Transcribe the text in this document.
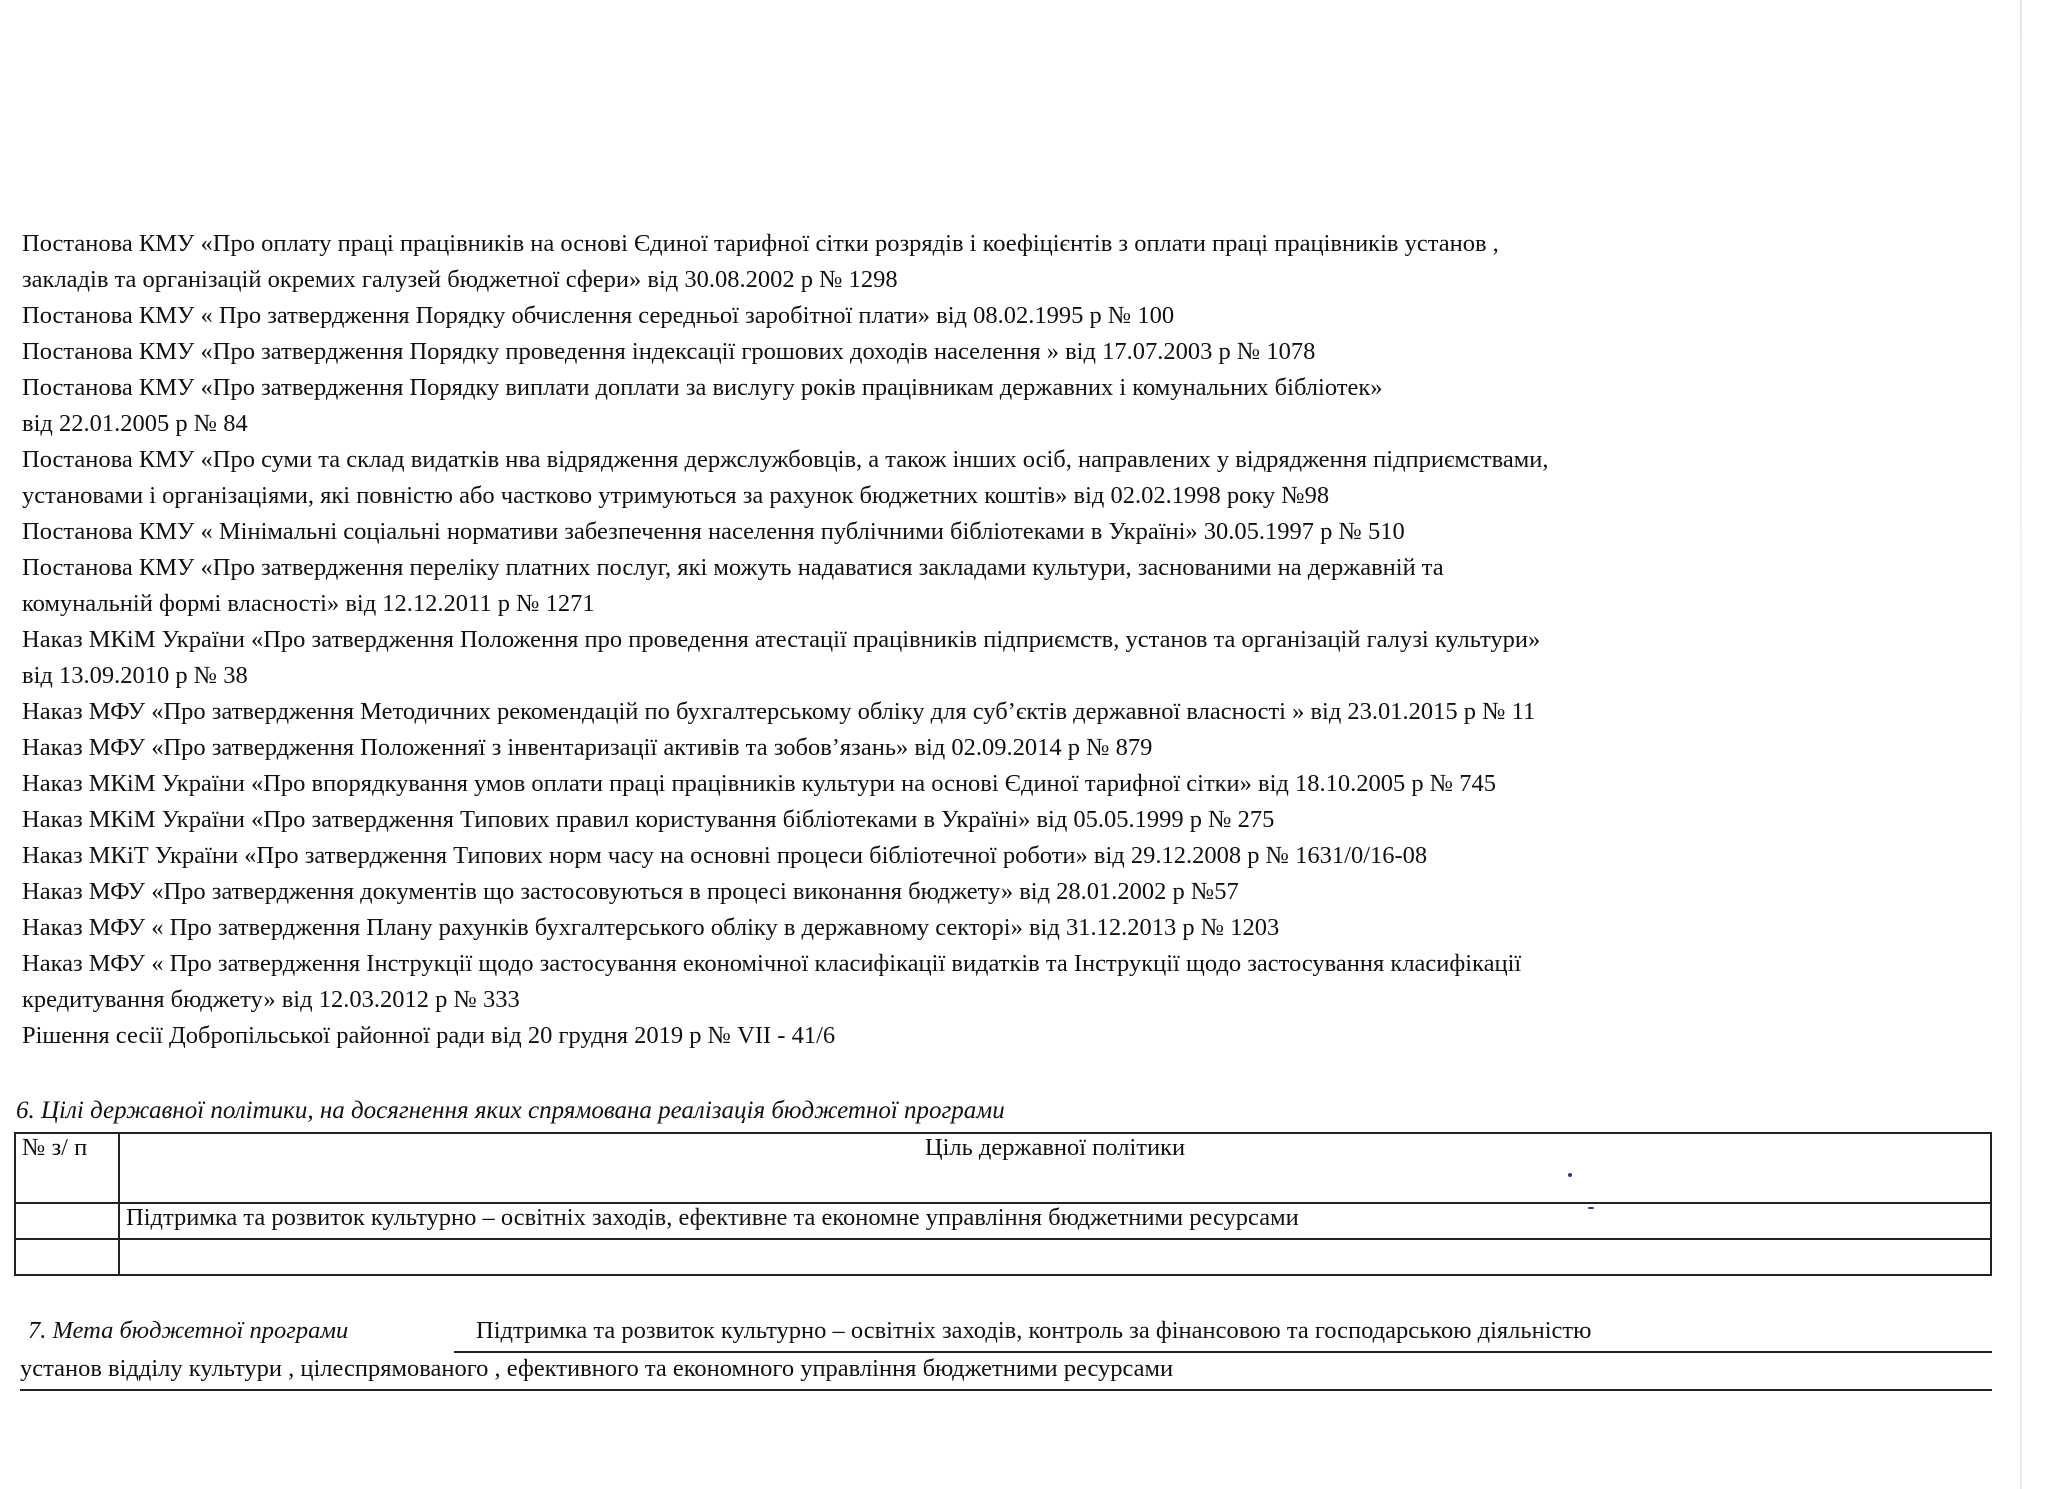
Постанова КМУ «Про оплату праці працівників на основі Єдиної тарифної сітки розрядів і коефіцієнтів з оплати праці працівників установ ,
закладів та організацій окремих галузей бюджетної сфери» від 30.08.2002 р № 1298
Постанова КМУ « Про затвердження Порядку обчислення середньої заробітної плати» від 08.02.1995 р № 100
Постанова КМУ «Про затвердження Порядку проведення індексації грошових доходів населення » від 17.07.2003 р № 1078
Постанова КМУ «Про затвердження Порядку виплати доплати за вислугу років працівникам державних і комунальних бібліотек»
від 22.01.2005 р № 84
Постанова КМУ «Про суми та склад видатків нва відрядження держслужбовців, а також інших осіб, направлених у відрядження підприємствами,
установами і організаціями, які повністю або частково утримуються за рахунок бюджетних коштів» від 02.02.1998 року №98
Постанова КМУ « Мінімальні соціальні нормативи забезпечення населення публічними бібліотеками в Україні» 30.05.1997 р № 510
Постанова КМУ «Про затвердження переліку платних послуг, які можуть надаватися закладами культури, заснованими на державній та
комунальній формі власності» від 12.12.2011 р № 1271
Наказ МКіМ України «Про затвердження Положення про проведення атестації працівників підприємств, установ та організацій галузі культури»
від 13.09.2010 р № 38
Наказ МФУ «Про затвердження Методичних рекомендацій по бухгалтерському обліку для суб’єктів державної власності » від 23.01.2015 р № 11
Наказ МФУ «Про затвердження Положенняї з інвентаризації активів та зобов’язань» від 02.09.2014 р № 879
Наказ МКіМ України «Про впорядкування умов оплати праці працівників культури на основі Єдиної тарифної сітки» від 18.10.2005 р № 745
Наказ МКіМ України «Про затвердження Типових правил користування бібліотеками в Україні» від 05.05.1999 р № 275
Наказ МКіТ України «Про затвердження Типових норм часу на основні процеси бібліотечної роботи» від 29.12.2008 р № 1631/0/16-08
Наказ МФУ «Про затвердження документів що застосовуються в процесі виконання бюджету» від 28.01.2002 р №57
Наказ МФУ « Про затвердження Плану рахунків бухгалтерського обліку в державному секторі» від 31.12.2013 р № 1203
Наказ МФУ « Про затвердження Інструкції щодо застосування економічної класифікації видатків та Інструкції щодо застосування класифікації
кредитування бюджету» від 12.03.2012 р № 333
Рішення сесії Добропільської районної ради від 20 грудня 2019 р № VII - 41/6
6. Цілі державної політики, на досягнення яких спрямована реалізація бюджетної програми
№ з/ п	Ціль державної політики
	Підтримка та розвиток культурно – освітніх заходів, ефективне та економне управління бюджетними ресурсами

7. Мета бюджетної програми	Підтримка та розвиток культурно – освітніх заходів, контроль за фінансовою та господарською діяльністю
установ відділу культури , цілеспрямованого , ефективного та економного управління бюджетними ресурсами
